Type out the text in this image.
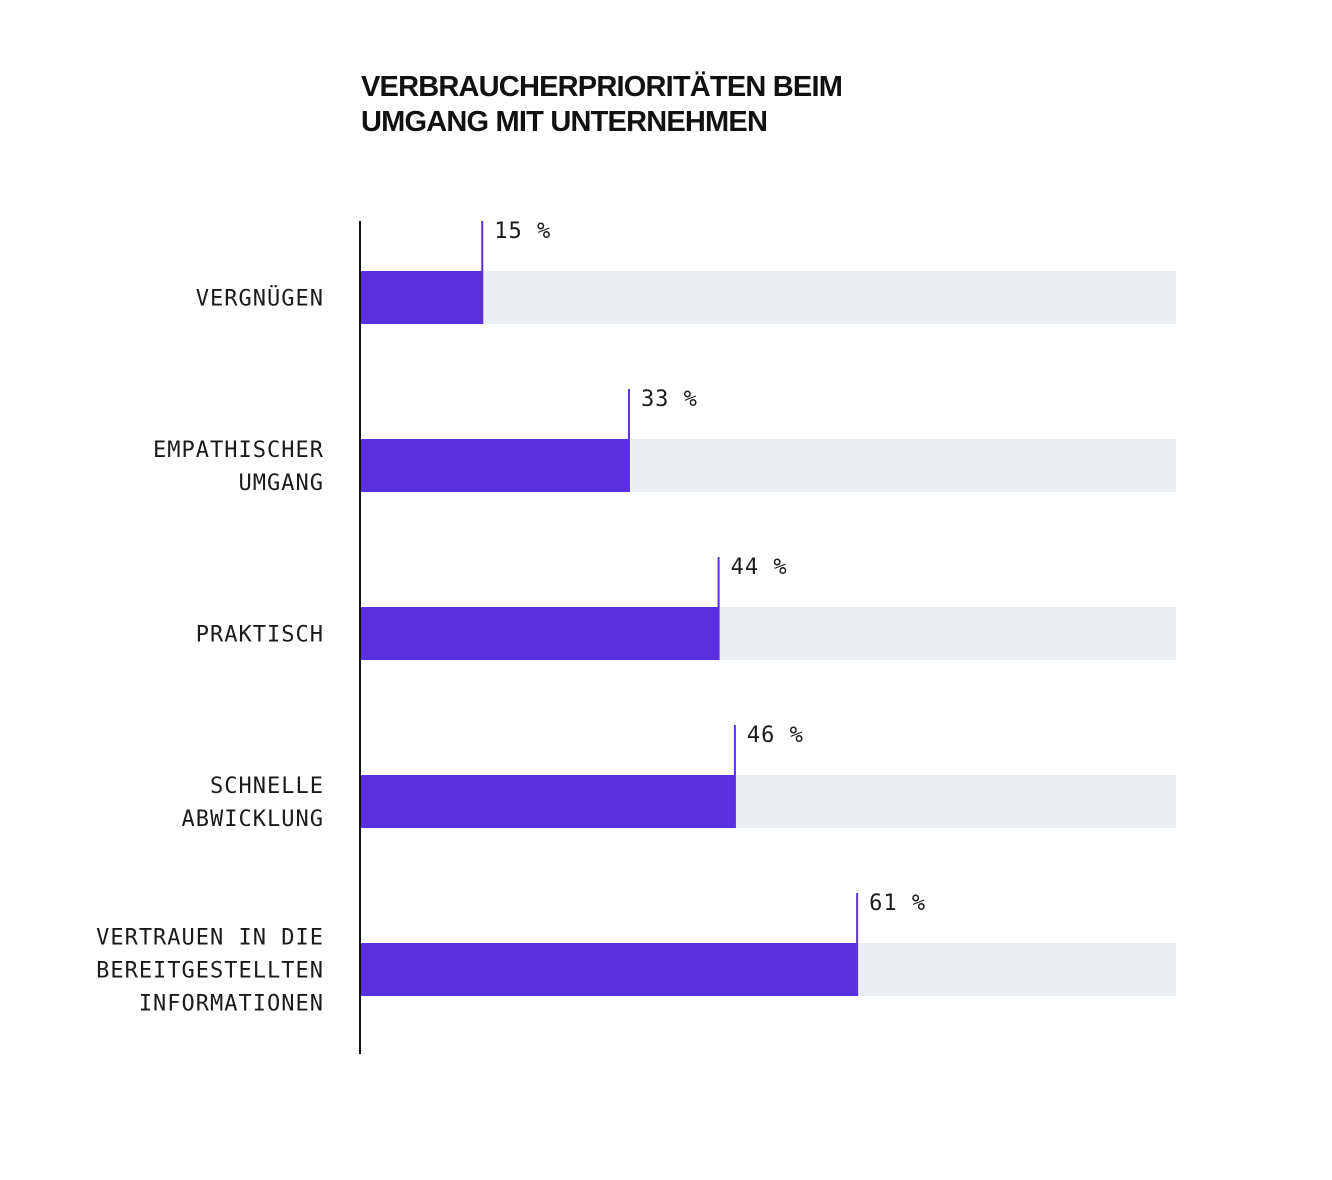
VERBRAUCHERPRIORITÄTEN BEIM
UMGANG MIT UNTERNEHMEN
15 %
VERGNÜGEN
33 %
EMPATHISCHER UMGANG
44 %
PRAKTISCH
46 %
SCHNELLE ABWICKLUNG
61 %
VERTRAUEN IN DIE BEREITGESTELLTEN INFORMATIONEN
